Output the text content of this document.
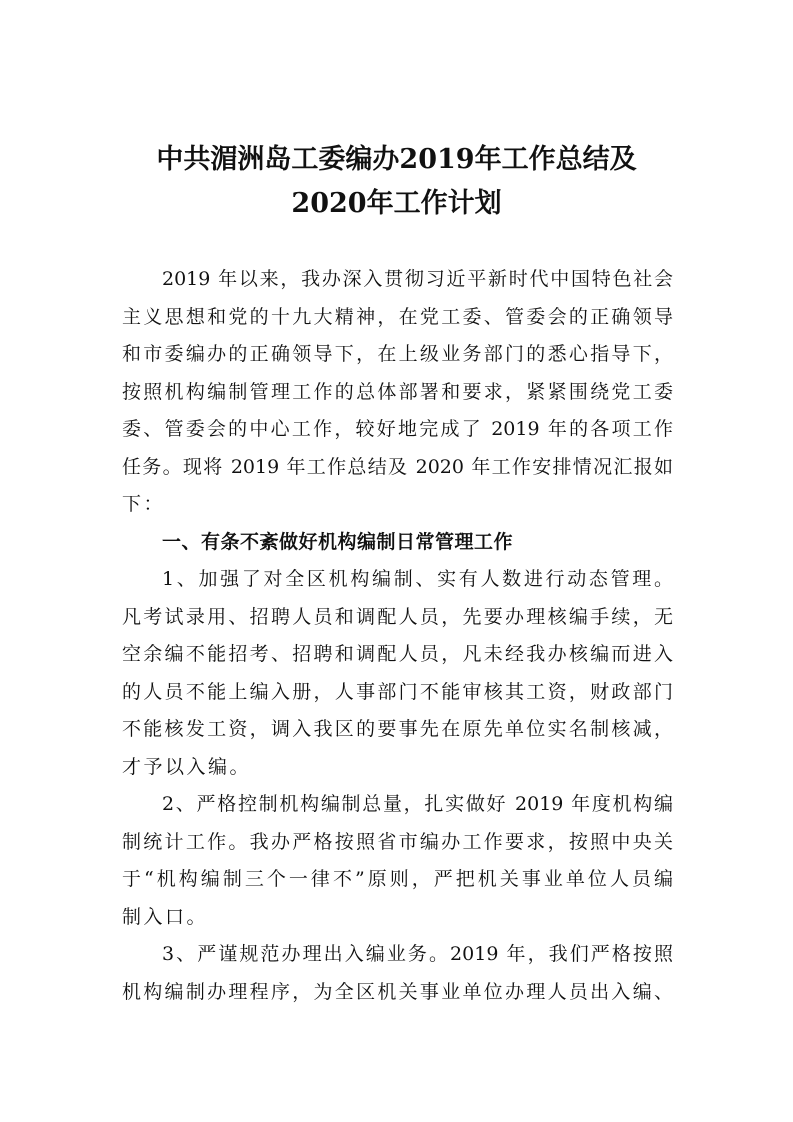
中共湄洲岛工委编办2019年工作总结及
2020年工作计划
2019 年以来，我办深入贯彻习近平新时代中国特色社会
主义思想和党的十九大精神，在党工委、管委会的正确领导
和市委编办的正确领导下，在上级业务部门的悉心指导下，
按照机构编制管理工作的总体部署和要求，紧紧围绕党工委
委、管委会的中心工作，较好地完成了 2019 年的各项工作
任务。现将 2019 年工作总结及 2020 年工作安排情况汇报如
下：
一、有条不紊做好机构编制日常管理工作
1、加强了对全区机构编制、实有人数进行动态管理。
凡考试录用、招聘人员和调配人员，先要办理核编手续，无
空余编不能招考、招聘和调配人员，凡未经我办核编而进入
的人员不能上编入册，人事部门不能审核其工资，财政部门
不能核发工资，调入我区的要事先在原先单位实名制核减，
才予以入编。
2、严格控制机构编制总量，扎实做好 2019 年度机构编
制统计工作。我办严格按照省市编办工作要求，按照中央关
于“机构编制三个一律不”原则，严把机关事业单位人员编
制入口。
3、严谨规范办理出入编业务。2019 年，我们严格按照
机构编制办理程序，为全区机关事业单位办理人员出入编、
